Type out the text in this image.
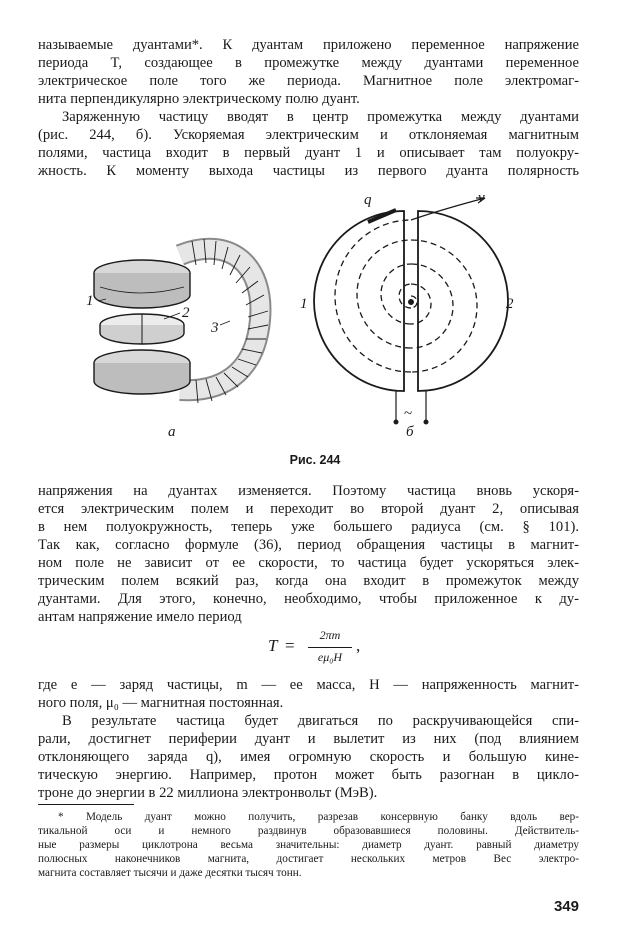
называемые дуантами*. К дуантам приложено переменное напряжение
периода T, создающее в промежутке между дуантами переменное
электрическое поле того же периода. Магнитное поле электромаг-
нита перпендикулярно электрическому полю дуант.
Заряженную частицу вводят в центр промежутка между дуантами
(рис. 244, б). Ускоряемая электрическим и отклоняемая магнитным
полями, частица входит в первый дуант 1 и описывает там полуокру-
жность. К моменту выхода частицы из первого дуанта полярность
1
2
3
а
q	v
1	2
~
б
Рис. 244
напряжения на дуантах изменяется. Поэтому частица вновь ускоря-
ется электрическим полем и переходит во второй дуант 2, описывая
в нем полуокружность, теперь уже большего радиуса (см. § 101).
Так как, согласно формуле (36), период обращения частицы в магнит-
ном поле не зависит от ее скорости, то частица будет ускоряться элек-
трическим полем всякий раз, когда она входит в промежуток между
дуантами. Для этого, конечно, необходимо, чтобы приложенное к ду-
антам напряжение имело период
T =
2πm
eμ₀H
,
где e — заряд частицы, m — ее масса, H — напряженность магнит-
ного поля, μ₀ — магнитная постоянная.
В результате частица будет двигаться по раскручивающейся спи-
рали, достигнет периферии дуант и вылетит из них (под влиянием
отклоняющего заряда q), имея огромную скорость и большую кине-
тическую энергию. Например, протон может быть разогнан в цикло-
троне до энергии в 22 миллиона электронвольт (МэВ).
* Модель дуант можно получить, разрезав консервную банку вдоль вер-
тикальной оси и немного раздвинув образовавшиеся половины. Действитель-
ные размеры циклотрона весьма значительны: диаметр дуант. равный диаметру
полюсных наконечников магнита, достигает нескольких метров Вес электро-
магнита составляет тысячи и даже десятки тысяч тонн.
349
